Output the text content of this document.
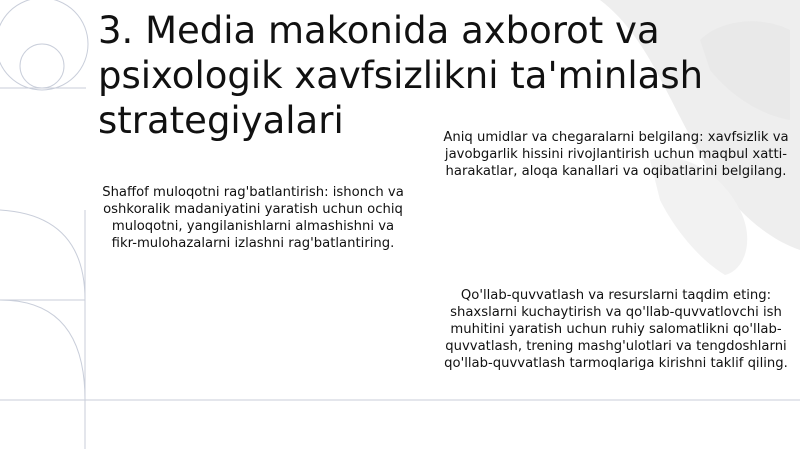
3. Media makonida axborot va psixologik xavfsizlikni ta'minlash strategiyalari

Shaffof muloqotni rag'batlantirish: ishonch va oshkoralik madaniyatini yaratish uchun ochiq muloqotni, yangilanishlarni almashishni va fikr-mulohazalarni izlashni rag'batlantiring.

Aniq umidlar va chegaralarni belgilang: xavfsizlik va javobgarlik hissini rivojlantirish uchun maqbul xatti-harakatlar, aloqa kanallari va oqibatlarini belgilang.

Qo'llab-quvvatlash va resurslarni taqdim eting: shaxslarni kuchaytirish va qo'llab-quvvatlovchi ish muhitini yaratish uchun ruhiy salomatlikni qo'llab-quvvatlash, trening mashg'ulotlari va tengdoshlarni qo'llab-quvvatlash tarmoqlariga kirishni taklif qiling.
